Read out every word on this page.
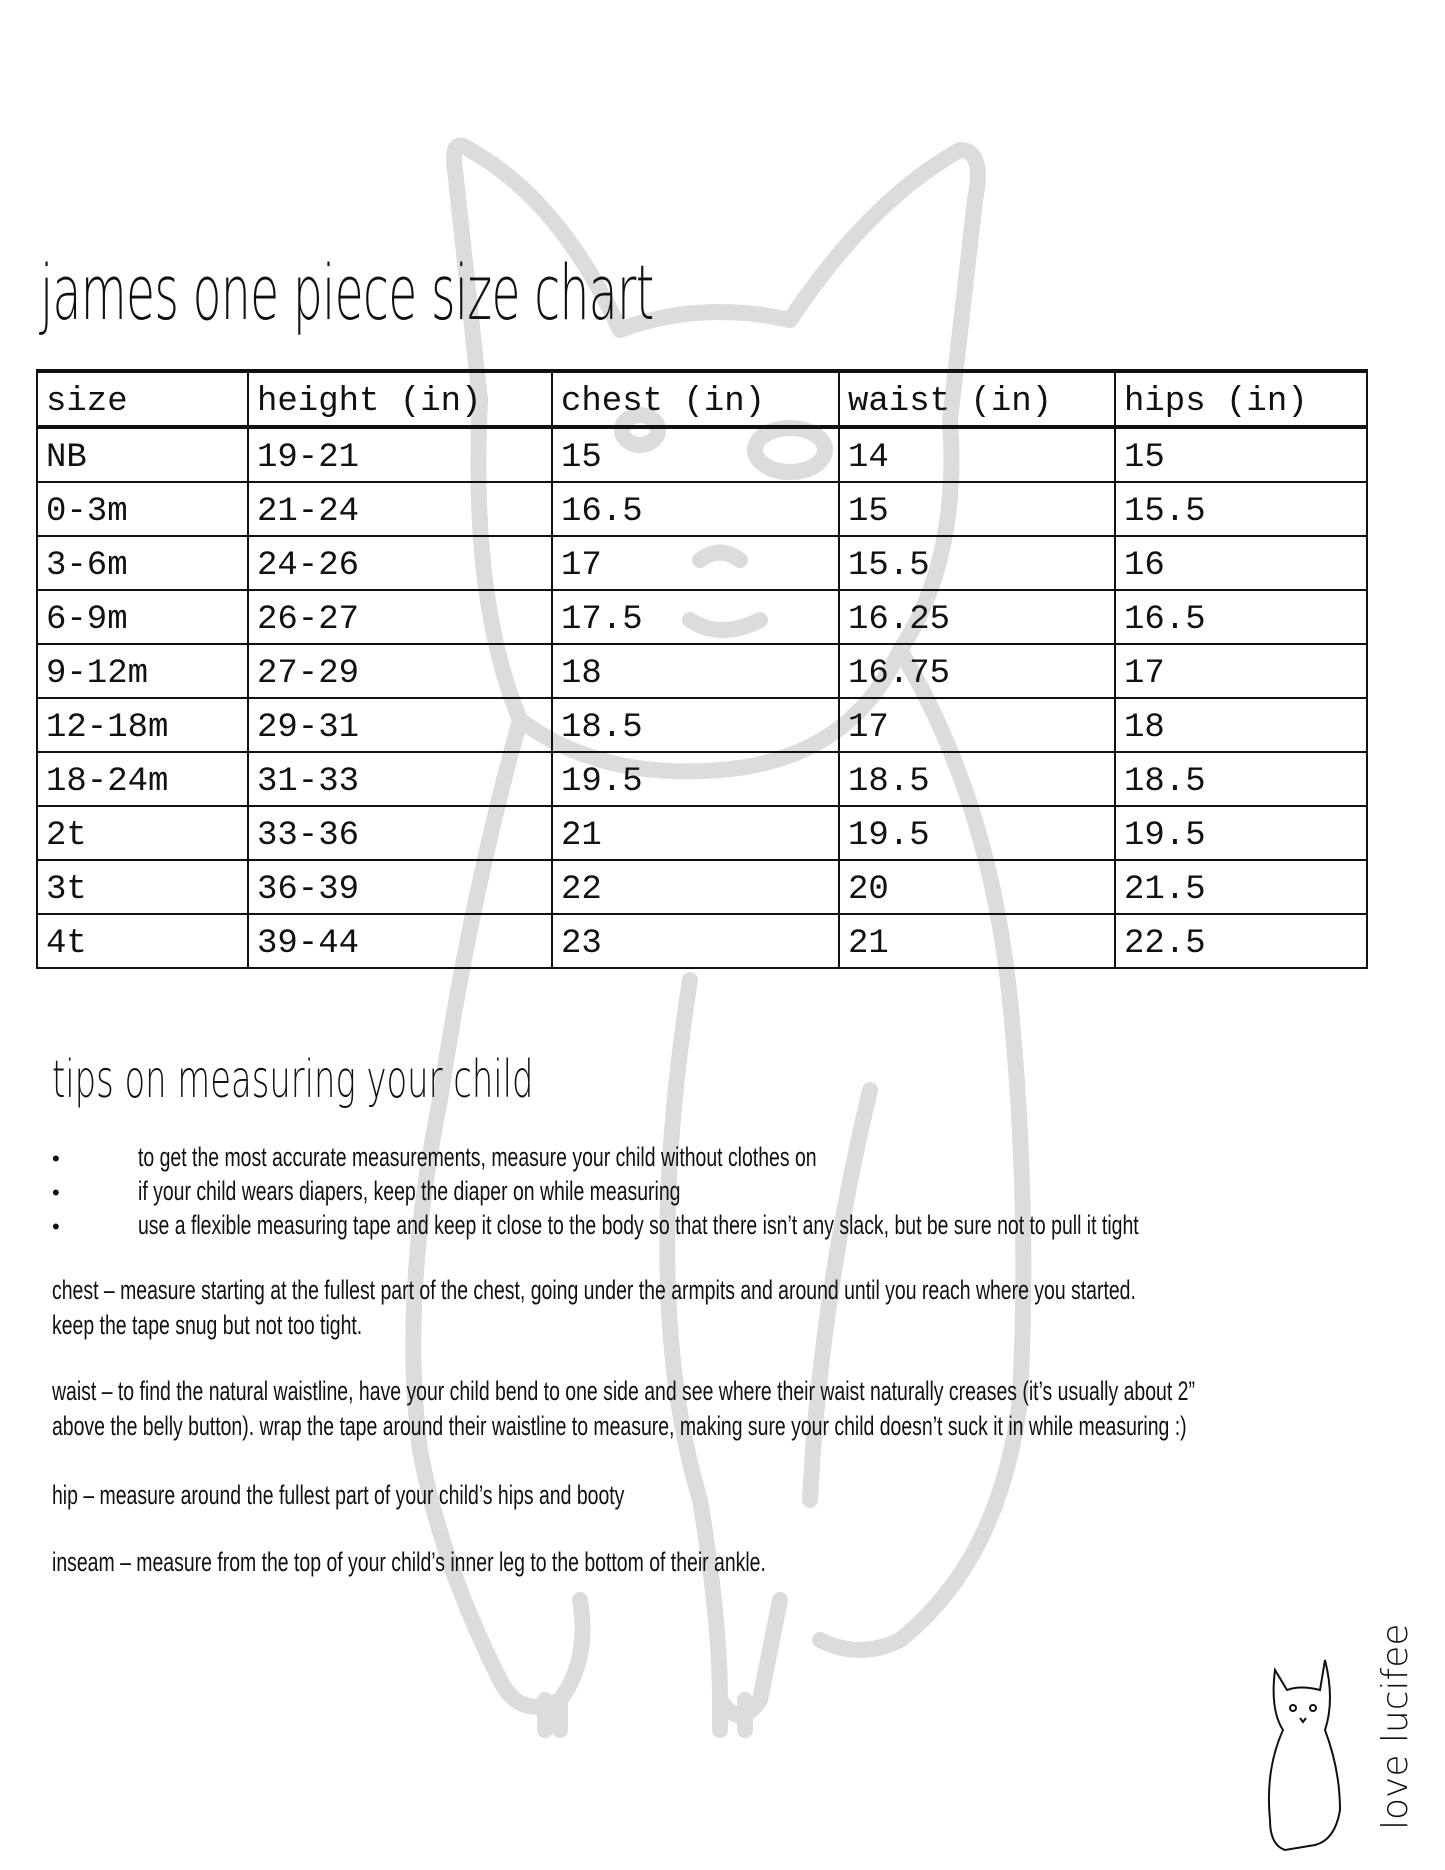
james one piece size chart
size	height (in)	chest (in)	waist (in)	hips (in)
NB	19-21	15	14	15
0-3m	21-24	16.5	15	15.5
3-6m	24-26	17	15.5	16
6-9m	26-27	17.5	16.25	16.5
9-12m	27-29	18	16.75	17
12-18m	29-31	18.5	17	18
18-24m	31-33	19.5	18.5	18.5
2t	33-36	21	19.5	19.5
3t	36-39	22	20	21.5
4t	39-44	23	21	22.5
tips on measuring your child
•	to get the most accurate measurements, measure your child without clothes on
•	if your child wears diapers, keep the diaper on while measuring
•	use a flexible measuring tape and keep it close to the body so that there isn’t any slack, but be sure not to pull it tight

chest – measure starting at the fullest part of the chest, going under the armpits and around until you reach where you started.
keep the tape snug but not too tight.

waist – to find the natural waistline, have your child bend to one side and see where their waist naturally creases (it’s usually about 2”
above the belly button). wrap the tape around their waistline to measure, making sure your child doesn’t suck it in while measuring :)

hip – measure around the fullest part of your child’s hips and booty

inseam – measure from the top of your child’s inner leg to the bottom of their ankle.

love lucifee
